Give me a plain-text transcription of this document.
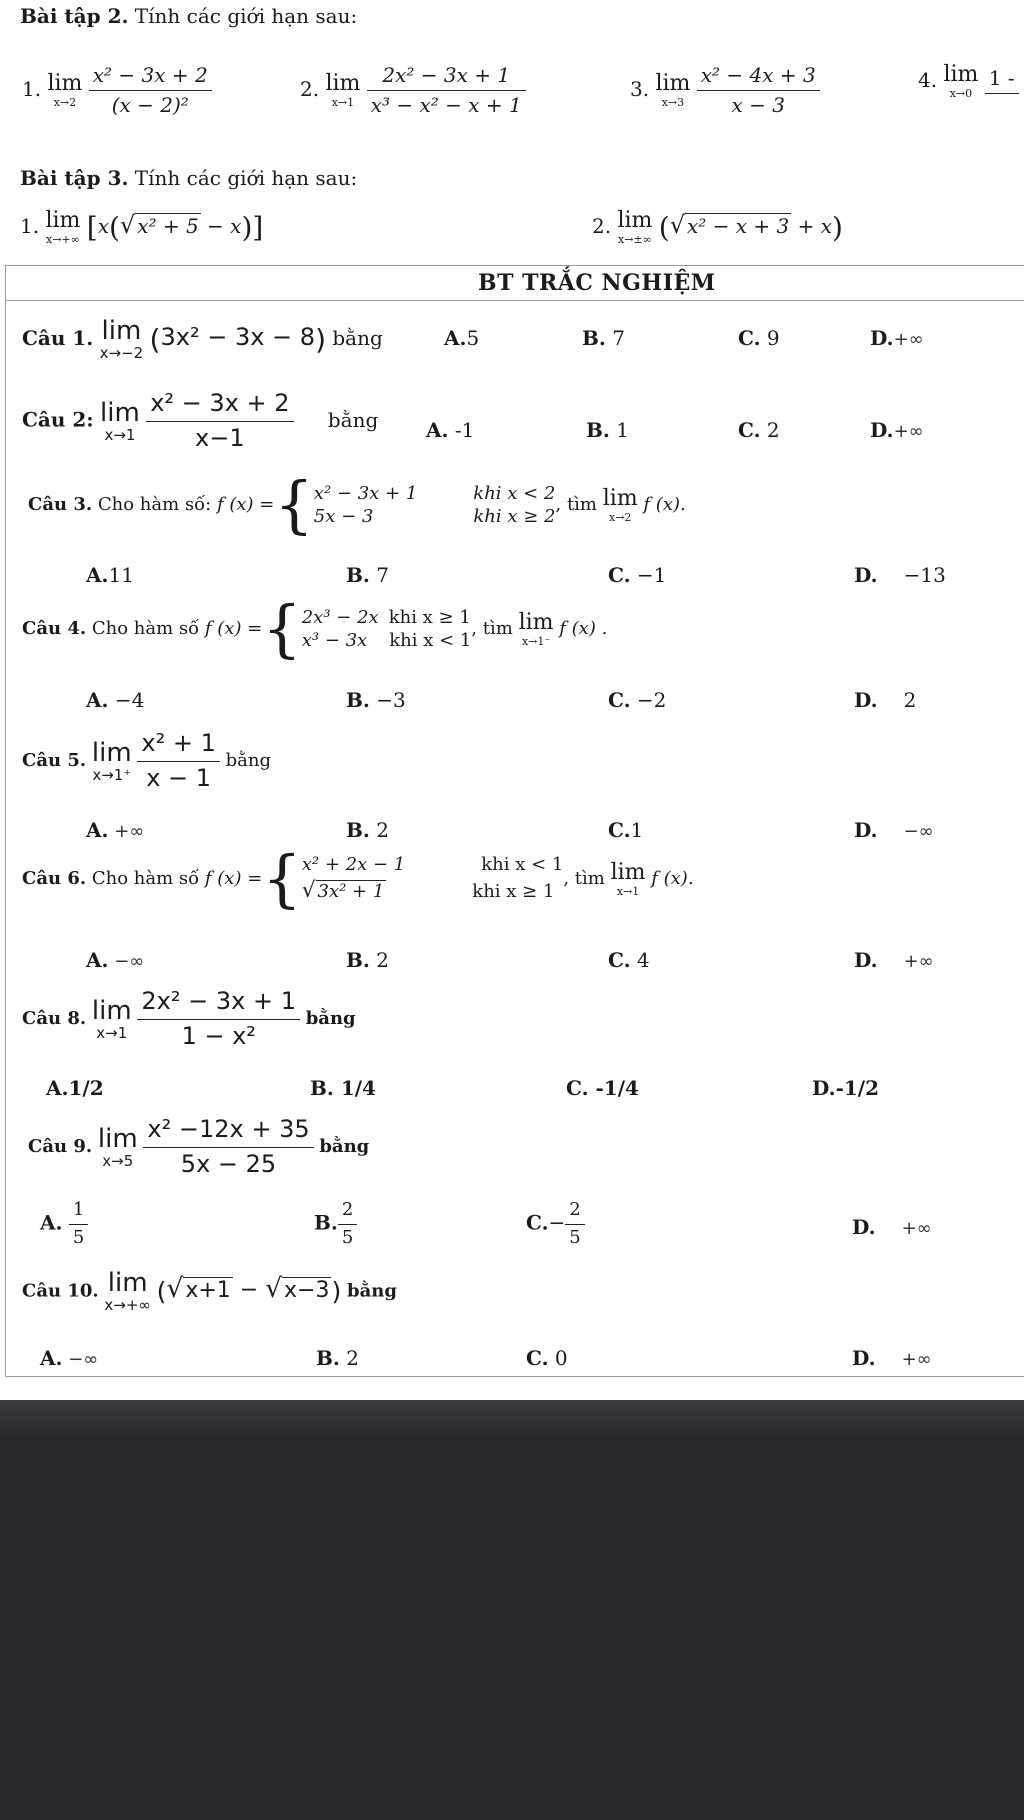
Bài tập 2. Tính các giới hạn sau:
1. lim
x→2
$\frac{\text{x² − 3x + 2}}{\text{(x − 2)²}}$	2. lim
x→1
$\frac{\text{2x² − 3x + 1}}{\text{x³ − x² − x + 1}}$	3. lim
x→3
$\frac{\text{x² − 4x + 3}}{x - 3}$	4. lim
x→0

1 -
Bài tập 3. Tính các giới hạn sau:
1. lim
x→+∞ [x(√ x² + 5 − x)]	2. lim
x→±∞ (√ x² − x + 3 + x)
BT TRẮC NGHIỆM
Câu 1. lim
x→−2 (3x² − 3x − 8) bằng	A.5	B. 7	C. 9	D.+∞
Câu 2: lim
x→1
$\frac{\text{x² − 3x + 2}}{x-1}$ bằng A. -1	B. 1	C. 2	D.+∞
Câu 3. Cho hàm số: f (x) ={ x² − 3x + 1	khi x < 2
5x − 3	khi x ≥ 2
, tìm lim
x→2
f (x).
A.11	B. 7	C. −1	D. −13
Câu 4. Cho hàm số f (x) ={ 2x³ − 2x khi x ≥ 1
x³ − 3x khi x < 1
, tìm lim
x→1⁻
f (x) .
A. −4	B. −3	C. −2	D. 2
Câu 5. lim
x→1⁺
$\frac{\text{x² + 1}}{x - 1}$ bằng
A. +∞	B. 2	C.1	D. −∞
Câu 6. Cho hàm số f (x) ={ x² + 2x − 1	khi x < 1
√ 3x² + 1	khi x ≥ 1
, tìm lim
x→1
f (x).
A. −∞	B. 2	C. 4	D. +∞
Câu 8. lim
x→1
$\frac{\text{2x² − 3x + 1}}{\text{1 − x²}}$ bằng
A.1/2	B. 1/4	C. -1/4	D.-1/2
Câu 9. lim
x→5
$\frac{\text{x² −12x + 35}}{5x - 25}$ bằng
A. $\frac{1}{5}$	B. $\frac{2}{5}$	$C.- \frac{2}{5}$	D. +∞
Câu 10. lim
x→+∞ (√x+1 − √x−3) bằng
A. −∞	B. 2	C. 0	D. +∞
